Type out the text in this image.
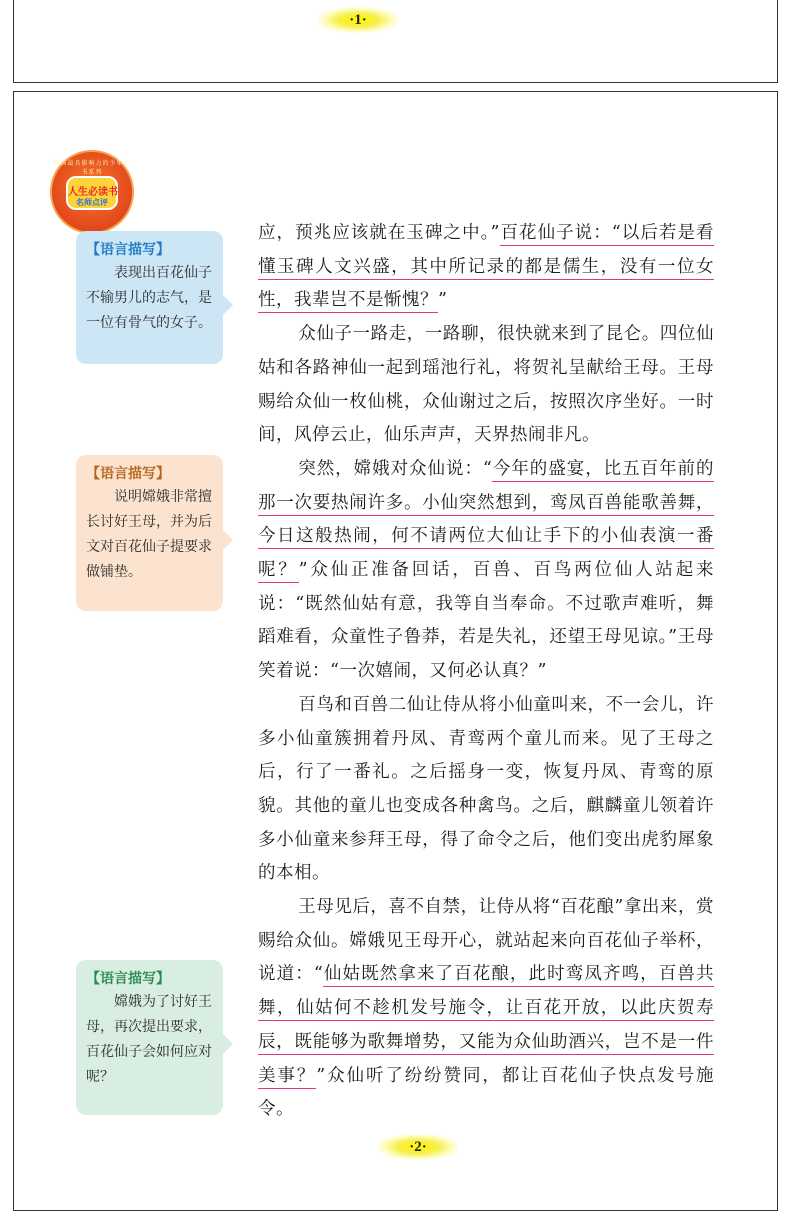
·1·
我国最具影响力的少年读书系列
人生必读书
名师点评
【语言描写】
表现出百花仙子不输男儿的志气，是一位有骨气的女子。
【语言描写】
说明嫦娥非常擅长讨好王母，并为后文对百花仙子提要求做铺垫。
【语言描写】
嫦娥为了讨好王母，再次提出要求，百花仙子会如何应对呢？

应，预兆应该就在玉碑之中。”百花仙子说：“以后若是看懂玉碑人文兴盛，其中所记录的都是儒生，没有一位女性，我辈岂不是惭愧？”

众仙子一路走，一路聊，很快就来到了昆仑。四位仙姑和各路神仙一起到瑶池行礼，将贺礼呈献给王母。王母赐给众仙一枚仙桃，众仙谢过之后，按照次序坐好。一时间，风停云止，仙乐声声，天界热闹非凡。

突然，嫦娥对众仙说：“今年的盛宴，比五百年前的那一次要热闹许多。小仙突然想到，鸾凤百兽能歌善舞，今日这般热闹，何不请两位大仙让手下的小仙表演一番呢？”众仙正准备回话，百兽、百鸟两位仙人站起来说：“既然仙姑有意，我等自当奉命。不过歌声难听，舞蹈难看，众童性子鲁莽，若是失礼，还望王母见谅。”王母笑着说：“一次嬉闹，又何必认真？”

百鸟和百兽二仙让侍从将小仙童叫来，不一会儿，许多小仙童簇拥着丹凤、青鸾两个童儿而来。见了王母之后，行了一番礼。之后摇身一变，恢复丹凤、青鸾的原貌。其他的童儿也变成各种禽鸟。之后，麒麟童儿领着许多小仙童来参拜王母，得了命令之后，他们变出虎豹犀象的本相。

王母见后，喜不自禁，让侍从将“百花酿”拿出来，赏赐给众仙。嫦娥见王母开心，就站起来向百花仙子举杯，说道：“仙姑既然拿来了百花酿，此时鸾凤齐鸣，百兽共舞，仙姑何不趁机发号施令，让百花开放，以此庆贺寿辰，既能够为歌舞增势，又能为众仙助酒兴，岂不是一件美事？”众仙听了纷纷赞同，都让百花仙子快点发号施令。

·2·
